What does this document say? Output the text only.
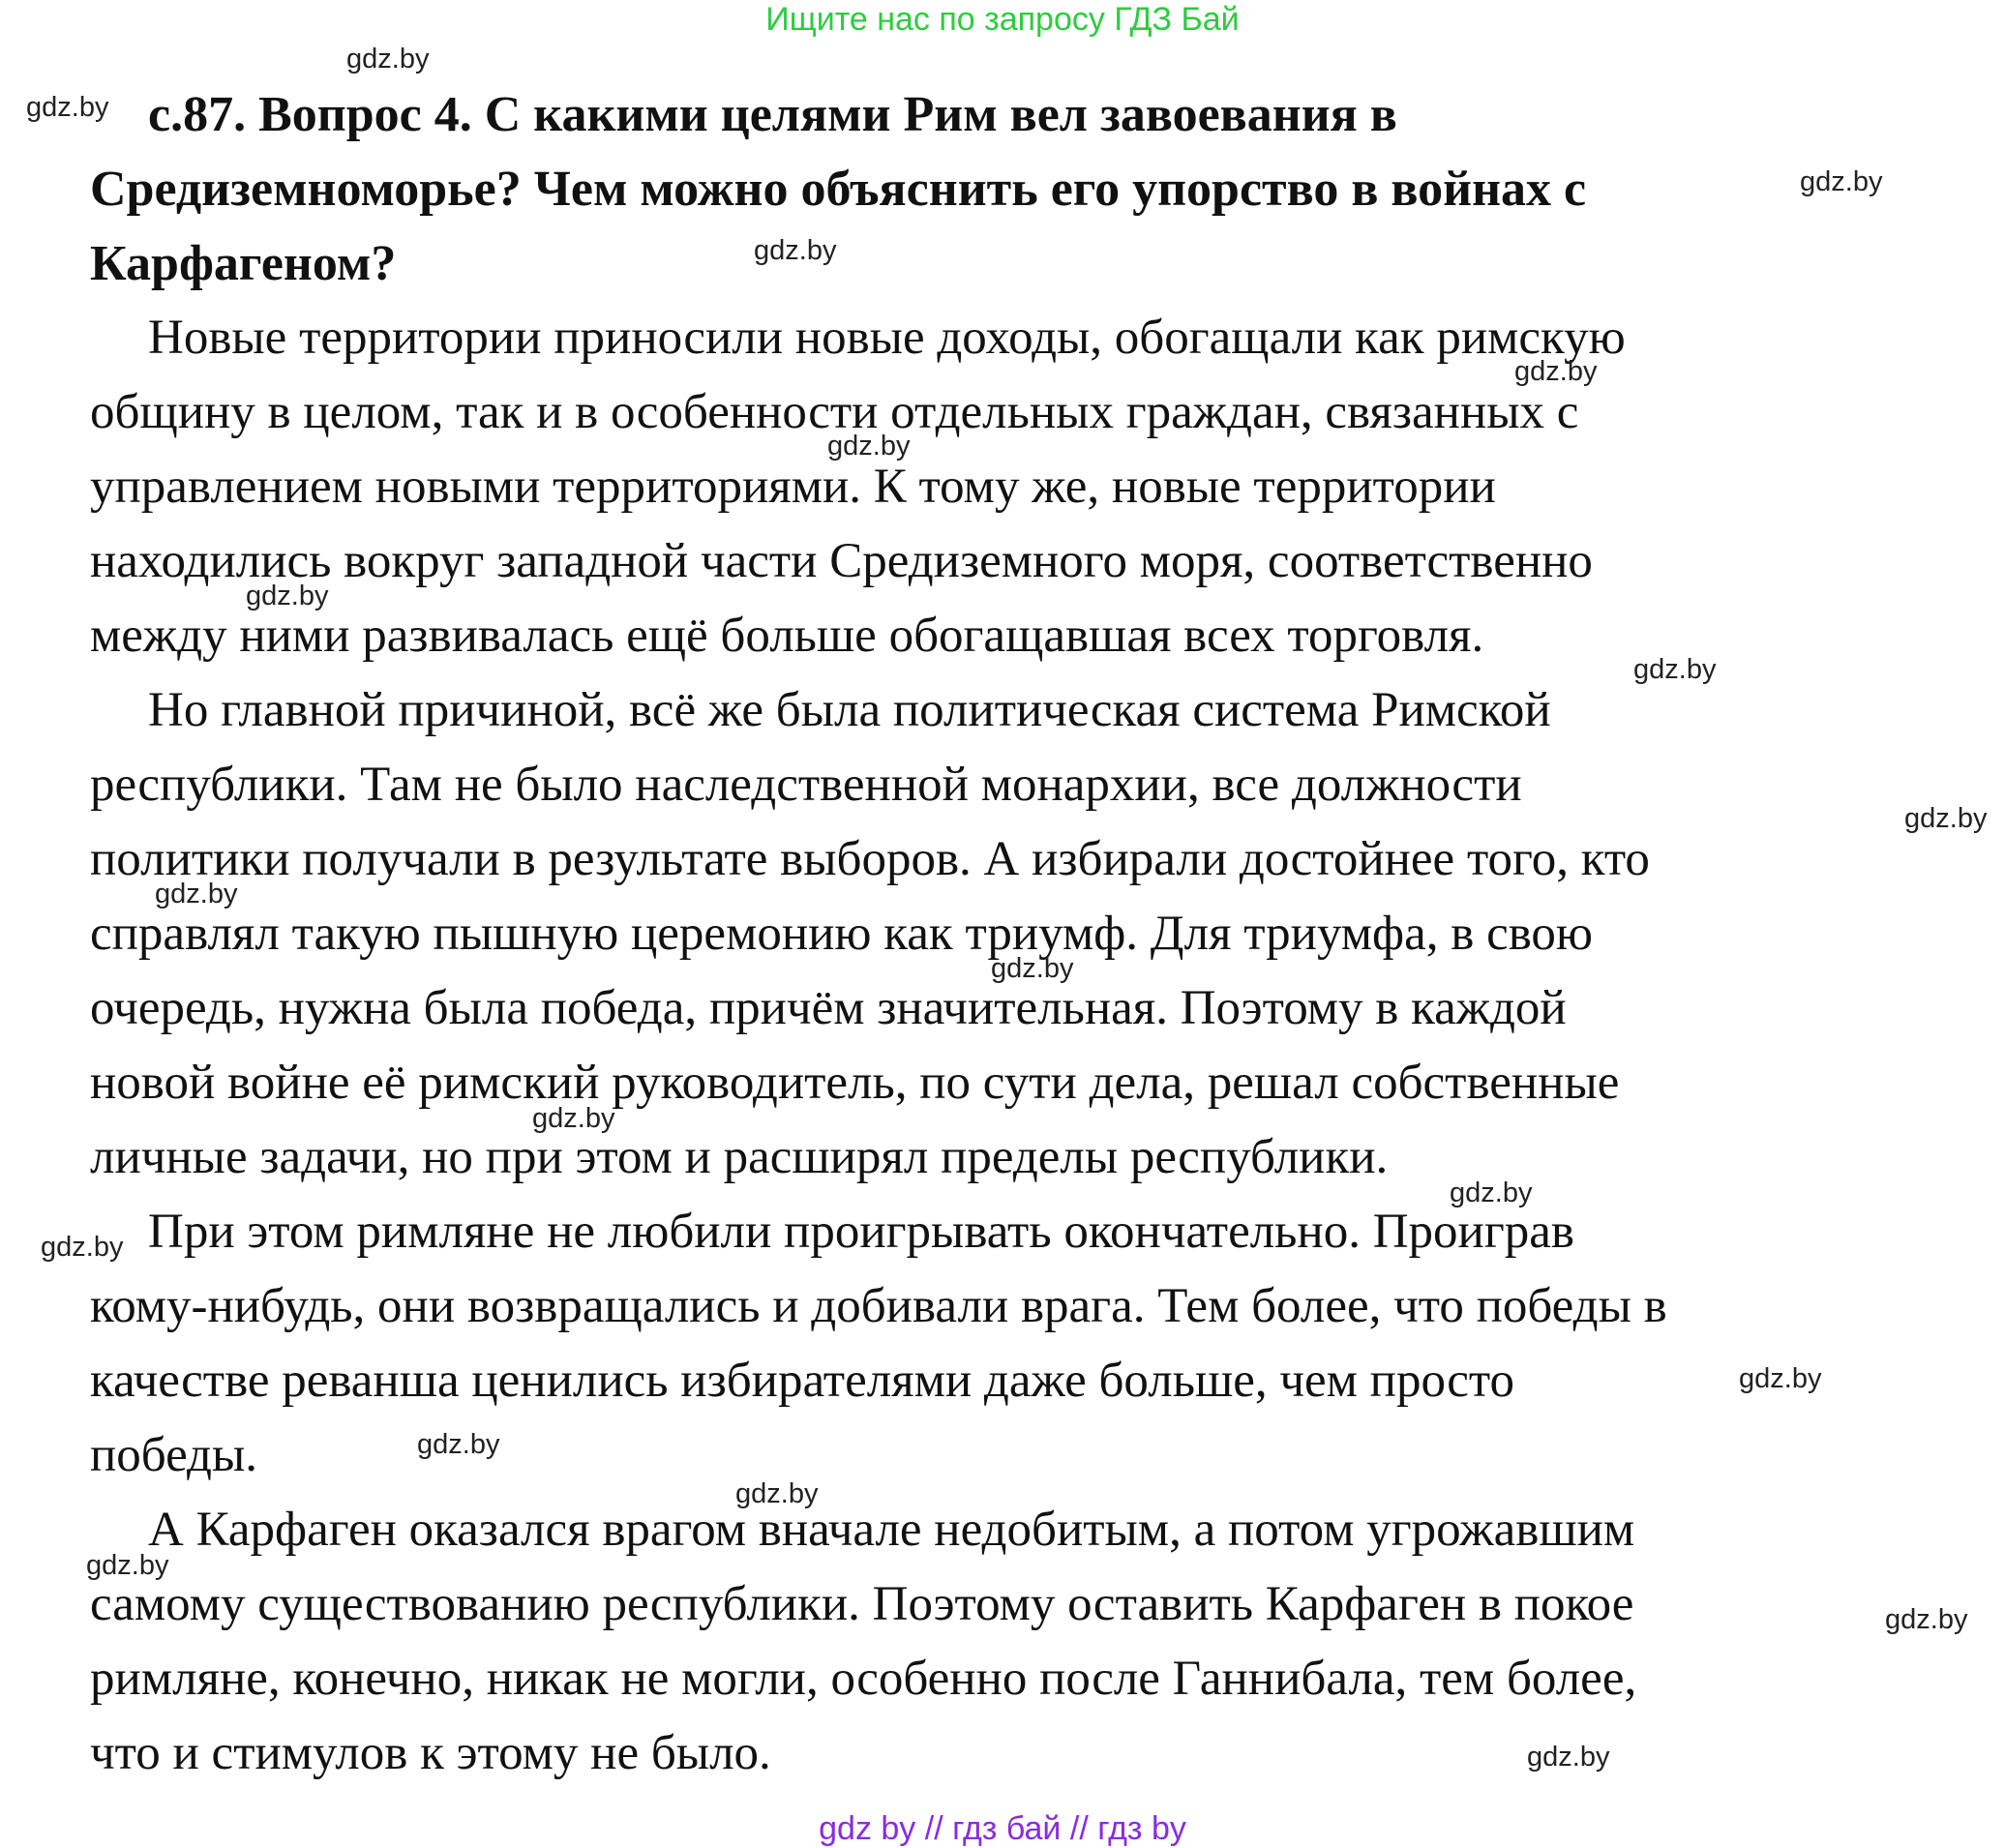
Ищите нас по запросу ГДЗ Бай
с.87. Вопрос 4. С какими целями Рим вел завоевания в
Средиземноморье? Чем можно объяснить его упорство в войнах с
Карфагеном?
Новые территории приносили новые доходы, обогащали как римскую
общину в целом, так и в особенности отдельных граждан, связанных с
управлением новыми территориями. К тому же, новые территории
находились вокруг западной части Средиземного моря, соответственно
между ними развивалась ещё больше обогащавшая всех торговля.
Но главной причиной, всё же была политическая система Римской
республики. Там не было наследственной монархии, все должности
политики получали в результате выборов. А избирали достойнее того, кто
справлял такую пышную церемонию как триумф. Для триумфа, в свою
очередь, нужна была победа, причём значительная. Поэтому в каждой
новой войне её римский руководитель, по сути дела, решал собственные
личные задачи, но при этом и расширял пределы республики.
При этом римляне не любили проигрывать окончательно. Проиграв
кому-нибудь, они возвращались и добивали врага. Тем более, что победы в
качестве реванша ценились избирателями даже больше, чем просто
победы.
А Карфаген оказался врагом вначале недобитым, а потом угрожавшим
самому существованию республики. Поэтому оставить Карфаген в покое
римляне, конечно, никак не могли, особенно после Ганнибала, тем более,
что и стимулов к этому не было.
gdz.by
gdz.by
gdz.by
gdz.by
gdz.by
gdz.by
gdz.by
gdz.by
gdz.by
gdz.by
gdz.by
gdz.by
gdz.by
gdz.by
gdz.by
gdz.by
gdz.by
gdz.by
gdz.by
gdz.by
gdz by // гдз бай // гдз by
